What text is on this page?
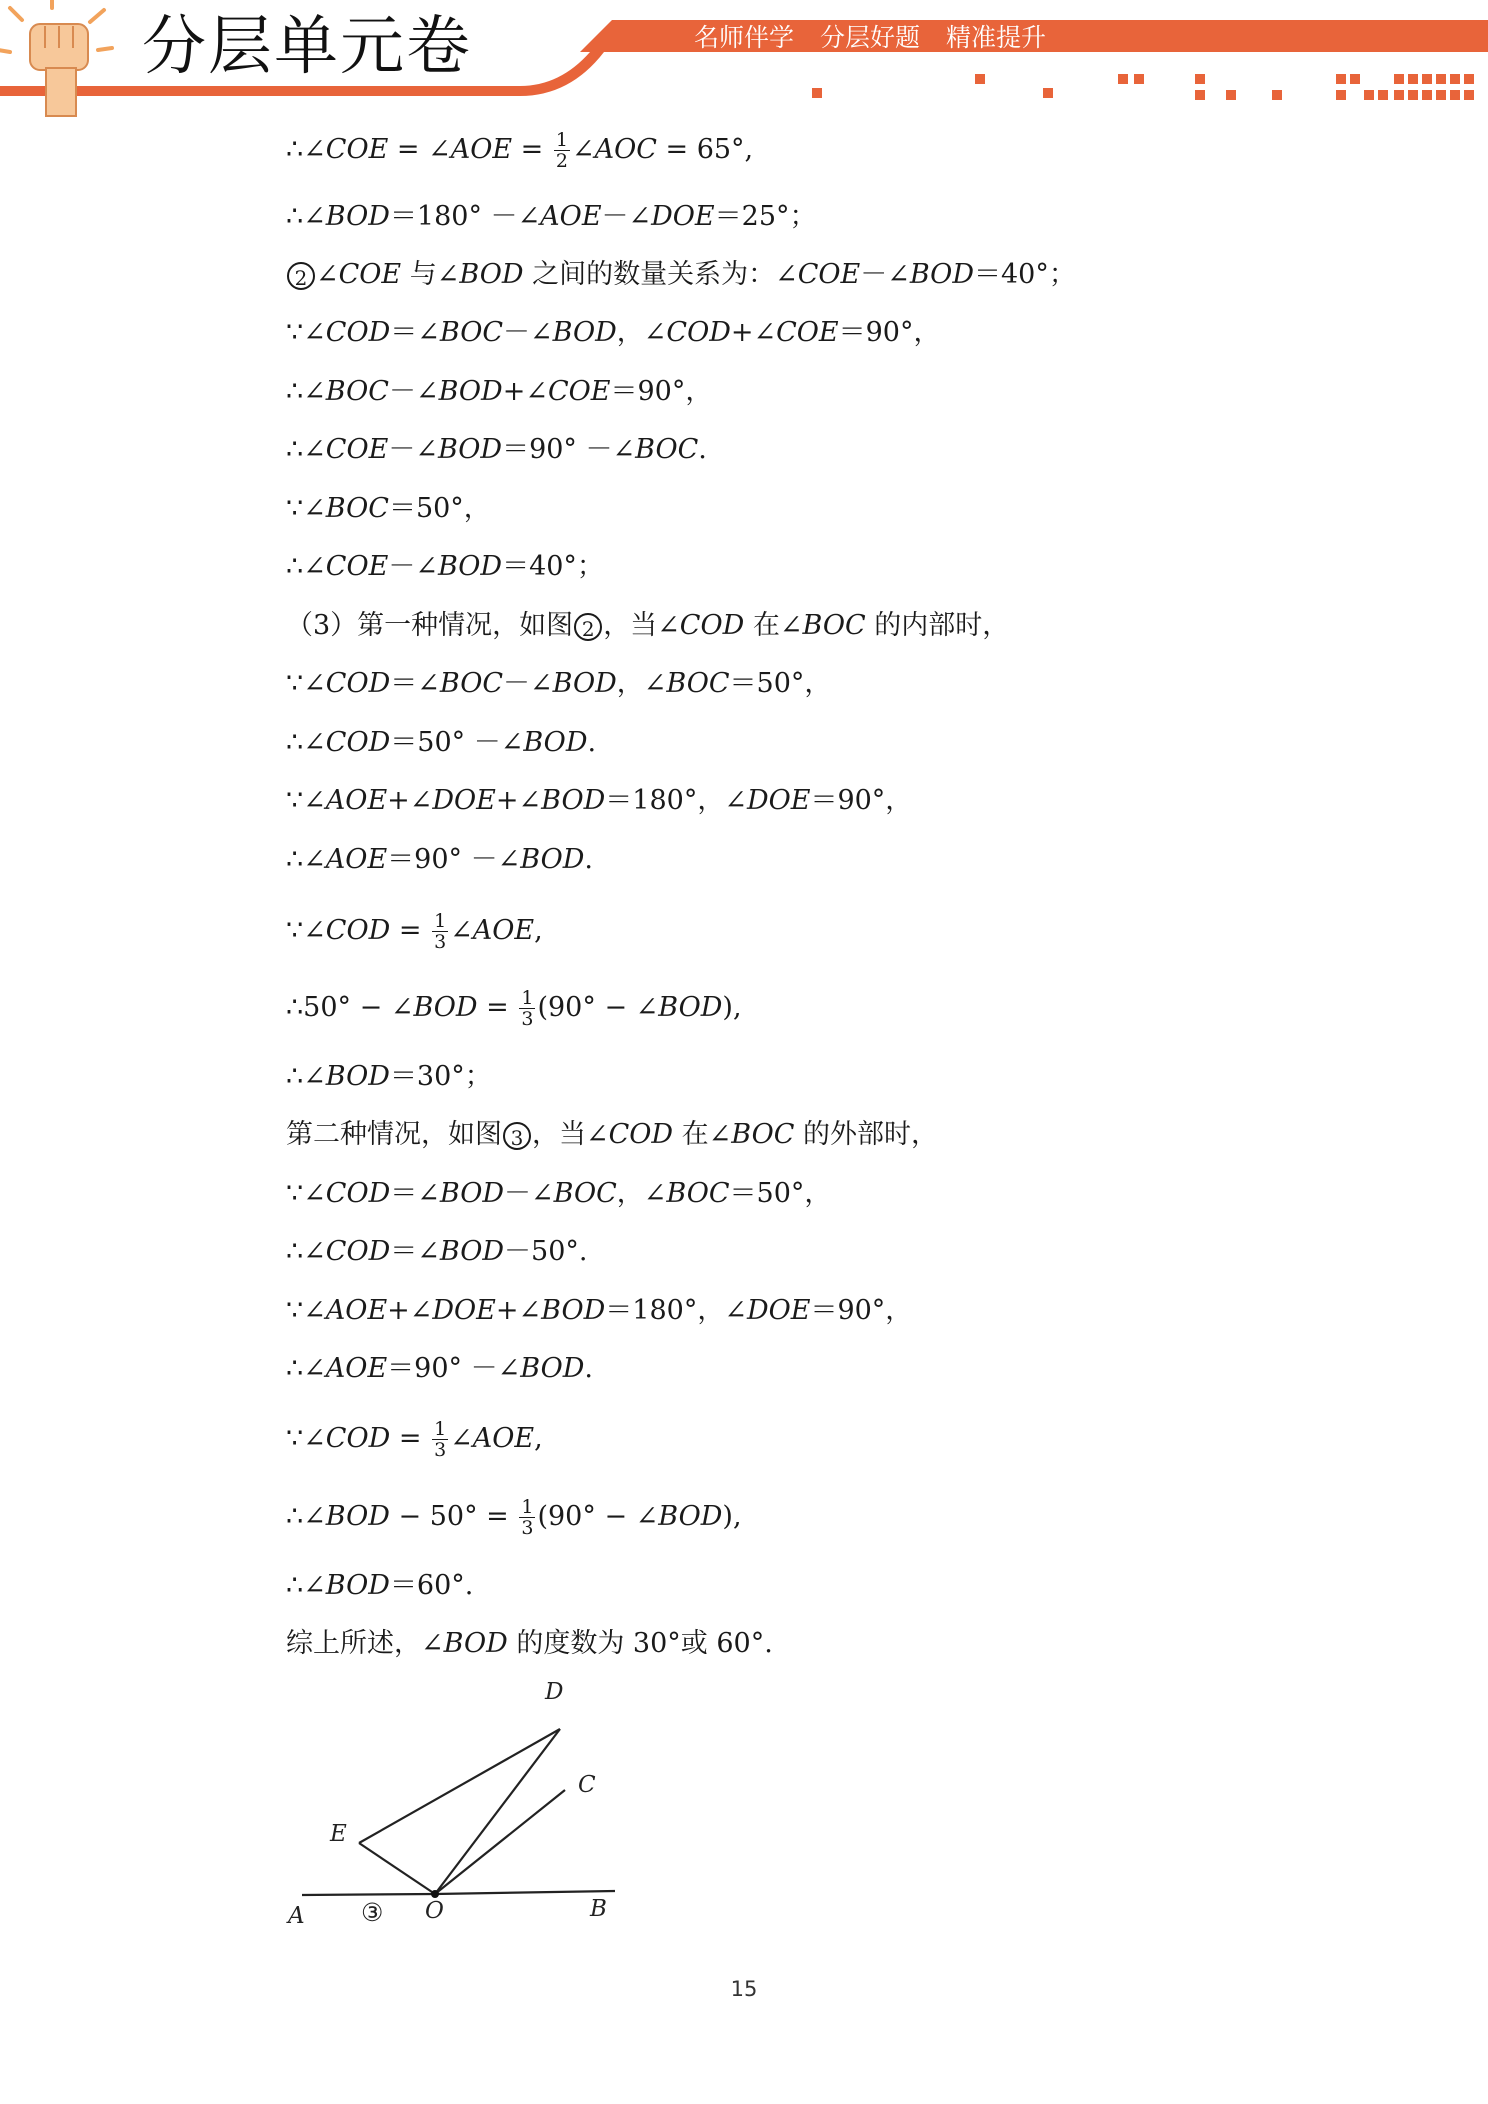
分层单元卷	名师伴学 分层好题 精准提升
∴∠COE = ∠AOE = $\frac{1}{2}$ ∠AOC = 65°,
∴∠BOD＝180° －∠AOE－∠DOE＝25°；
2 ∠COE 与∠BOD 之间的数量关系为：∠COE－∠BOD＝40°；
∵∠COD＝∠BOC－∠BOD，∠COD+∠COE＝90°，
∴∠BOC－∠BOD+∠COE＝90°，
∴∠COE－∠BOD＝90° －∠BOC.
∵∠BOC＝50°，
∴∠COE－∠BOD＝40°；
（3）第一种情况，如图 2 ，当∠COD 在∠BOC 的内部时，
∵∠COD＝∠BOC－∠BOD，∠BOC＝50°，
∴∠COD＝50° －∠BOD.
∵∠AOE+∠DOE+∠BOD＝180°，∠DOE＝90°，
∴∠AOE＝90° －∠BOD.
∵∠COD = $\frac{1}{3}$ ∠AOE,
∴50° − ∠BOD = $\frac{1}{3} (90^\circ$ − ∠BOD),
∴∠BOD＝30°；
第二种情况，如图 3 ，当∠COD 在∠BOC 的外部时，
∵∠COD＝∠BOD－∠BOC，∠BOC＝50°，
∴∠COD＝∠BOD－50°.
∵∠AOE+∠DOE+∠BOD＝180°，∠DOE＝90°，
∴∠AOE＝90° －∠BOD.
∵∠COD = $\frac{1}{3}$ ∠AOE,
∴∠BOD − $50^\circ = \frac{1}{3} (90^\circ$ − ∠BOD),
∴∠BOD＝60°.
综上所述，∠BOD 的度数为 30°或 60°.
D
C
E
A ③ O	B
15
